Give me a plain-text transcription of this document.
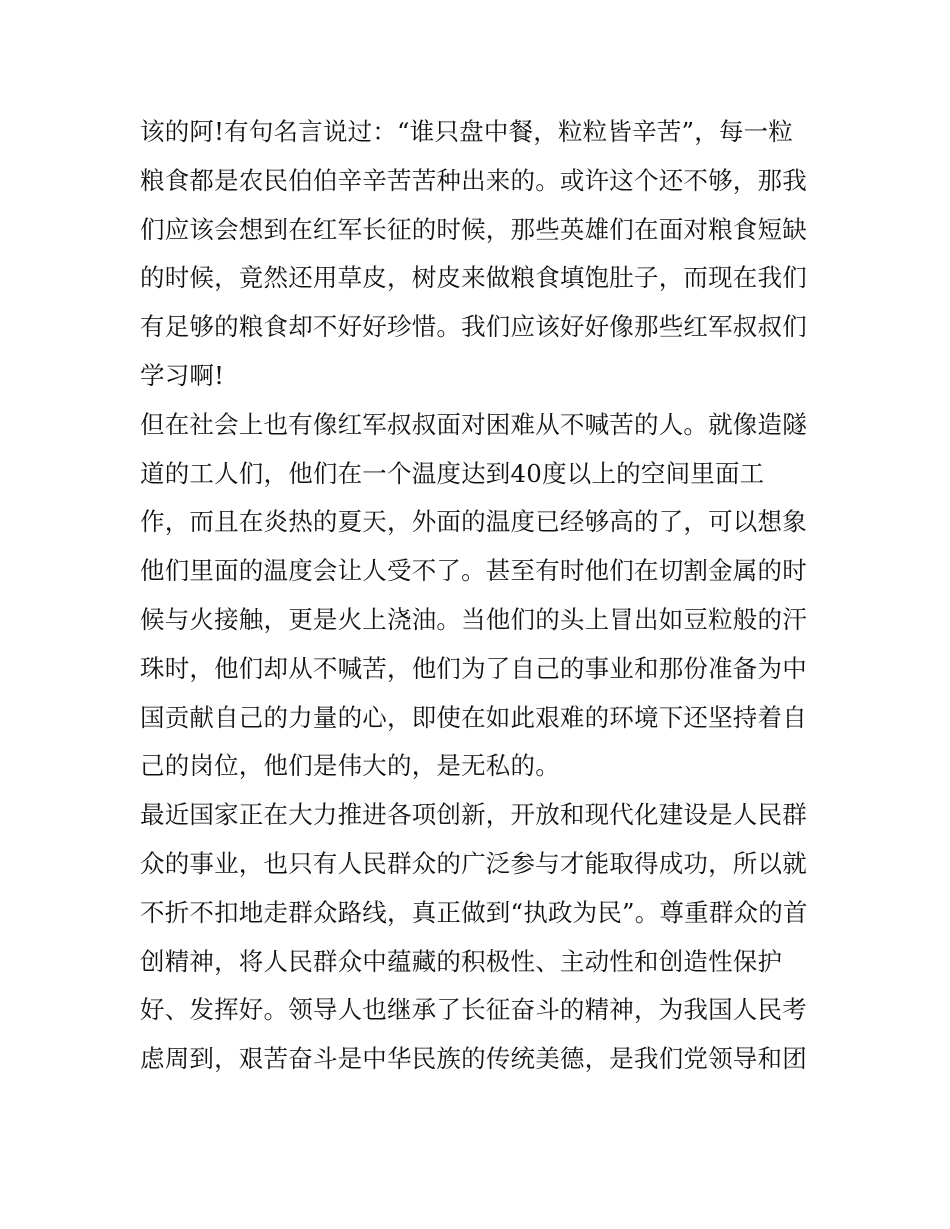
该的阿!有句名言说过：“谁只盘中餐，粒粒皆辛苦”，每一粒
粮食都是农民伯伯辛辛苦苦种出来的。或许这个还不够，那我
们应该会想到在红军长征的时候，那些英雄们在面对粮食短缺
的时候，竟然还用草皮，树皮来做粮食填饱肚子，而现在我们
有足够的粮食却不好好珍惜。我们应该好好像那些红军叔叔们
学习啊!
但在社会上也有像红军叔叔面对困难从不喊苦的人。就像造隧
道的工人们，他们在一个温度达到40度以上的空间里面工
作，而且在炎热的夏天，外面的温度已经够高的了，可以想象
他们里面的温度会让人受不了。甚至有时他们在切割金属的时
候与火接触，更是火上浇油。当他们的头上冒出如豆粒般的汗
珠时，他们却从不喊苦，他们为了自己的事业和那份准备为中
国贡献自己的力量的心，即使在如此艰难的环境下还坚持着自
己的岗位，他们是伟大的，是无私的。
最近国家正在大力推进各项创新，开放和现代化建设是人民群
众的事业，也只有人民群众的广泛参与才能取得成功，所以就
不折不扣地走群众路线，真正做到“执政为民”。尊重群众的首
创精神，将人民群众中蕴藏的积极性、主动性和创造性保护
好、发挥好。领导人也继承了长征奋斗的精神，为我国人民考
虑周到，艰苦奋斗是中华民族的传统美德，是我们党领导和团
